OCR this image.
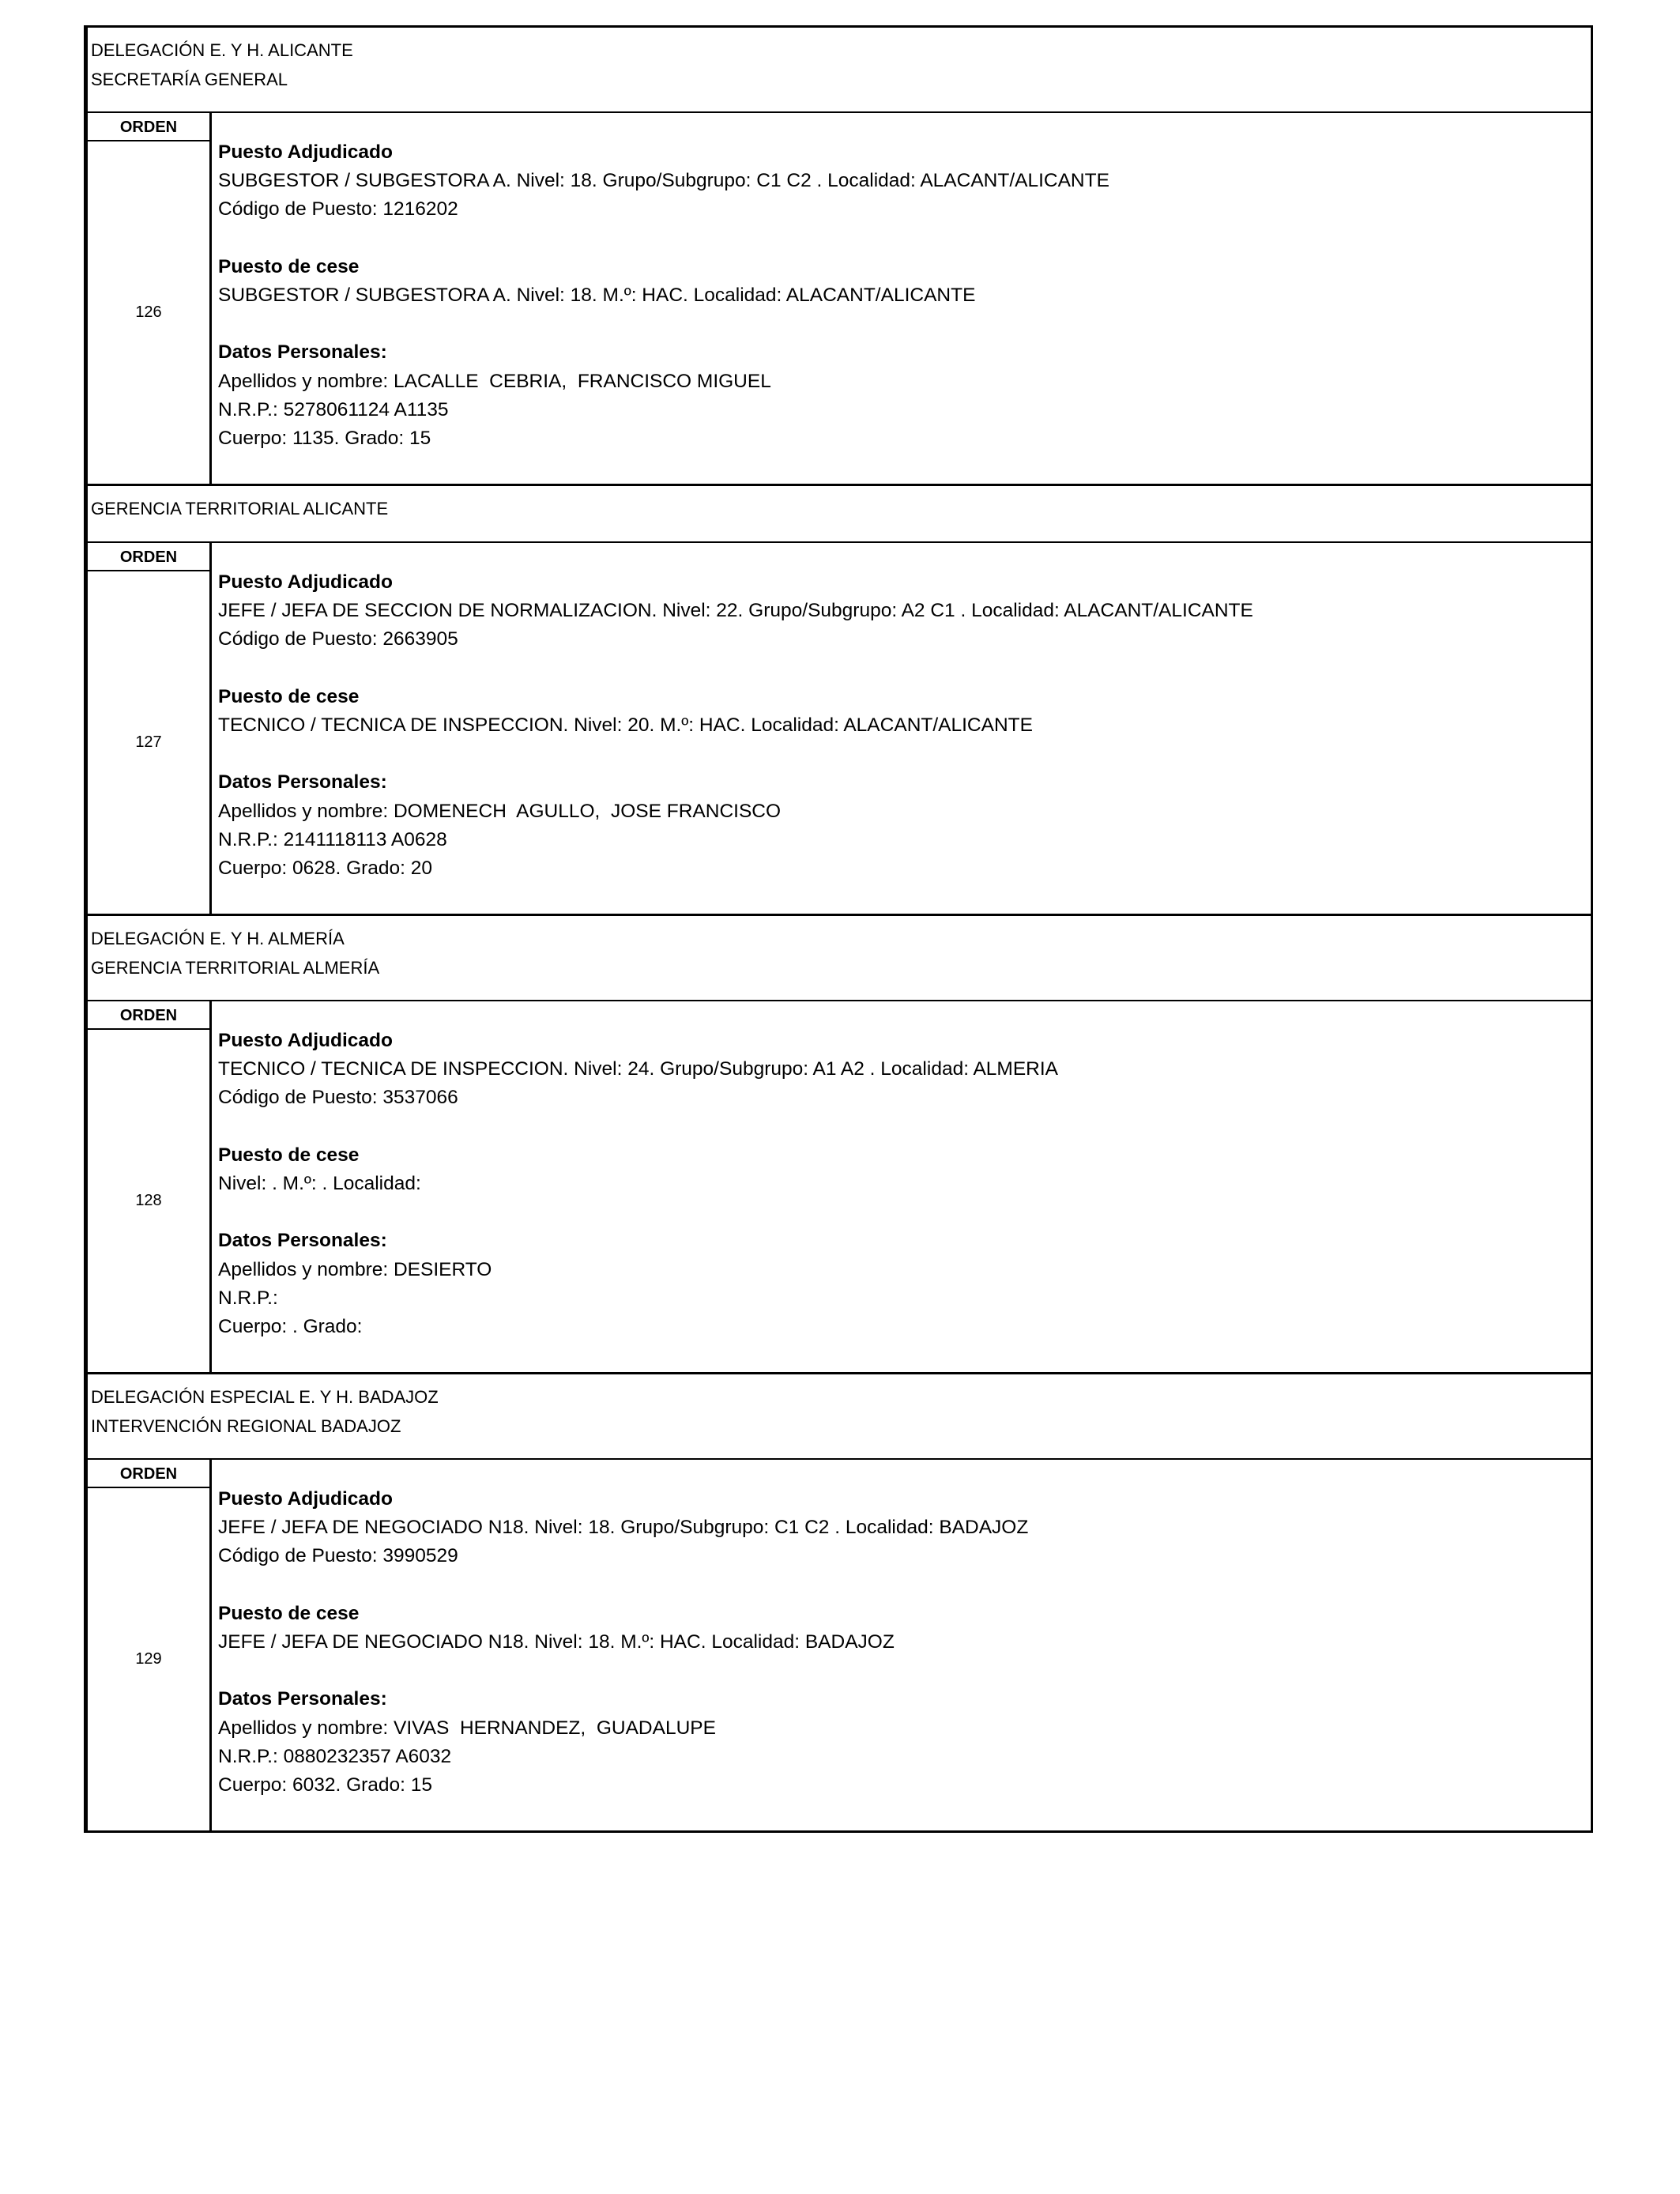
DELEGACIÓN E. Y H. ALICANTE
SECRETARÍA GENERAL
ORDEN
126
Puesto Adjudicado
SUBGESTOR / SUBGESTORA A. Nivel: 18. Grupo/Subgrupo: C1 C2 . Localidad: ALACANT/ALICANTE
Código de Puesto: 1216202
Puesto de cese
SUBGESTOR / SUBGESTORA A. Nivel: 18. M.º: HAC. Localidad: ALACANT/ALICANTE
Datos Personales:
Apellidos y nombre: LACALLE  CEBRIA,  FRANCISCO MIGUEL
N.R.P.: 5278061124 A1135
Cuerpo: 1135. Grado: 15
GERENCIA TERRITORIAL ALICANTE
ORDEN
127
Puesto Adjudicado
JEFE / JEFA DE SECCION DE NORMALIZACION. Nivel: 22. Grupo/Subgrupo: A2 C1 . Localidad: ALACANT/ALICANTE
Código de Puesto: 2663905
Puesto de cese
TECNICO / TECNICA DE INSPECCION. Nivel: 20. M.º: HAC. Localidad: ALACANT/ALICANTE
Datos Personales:
Apellidos y nombre: DOMENECH  AGULLO,  JOSE FRANCISCO
N.R.P.: 2141118113 A0628
Cuerpo: 0628. Grado: 20
DELEGACIÓN E. Y H. ALMERÍA
GERENCIA TERRITORIAL ALMERÍA
ORDEN
128
Puesto Adjudicado
TECNICO / TECNICA DE INSPECCION. Nivel: 24. Grupo/Subgrupo: A1 A2 . Localidad: ALMERIA
Código de Puesto: 3537066
Puesto de cese
Nivel: . M.º: . Localidad:
Datos Personales:
Apellidos y nombre: DESIERTO
N.R.P.:
Cuerpo: . Grado:
DELEGACIÓN ESPECIAL E. Y H. BADAJOZ
INTERVENCIÓN REGIONAL BADAJOZ
ORDEN
129
Puesto Adjudicado
JEFE / JEFA DE NEGOCIADO N18. Nivel: 18. Grupo/Subgrupo: C1 C2 . Localidad: BADAJOZ
Código de Puesto: 3990529
Puesto de cese
JEFE / JEFA DE NEGOCIADO N18. Nivel: 18. M.º: HAC. Localidad: BADAJOZ
Datos Personales:
Apellidos y nombre: VIVAS  HERNANDEZ,  GUADALUPE
N.R.P.: 0880232357 A6032
Cuerpo: 6032. Grado: 15
